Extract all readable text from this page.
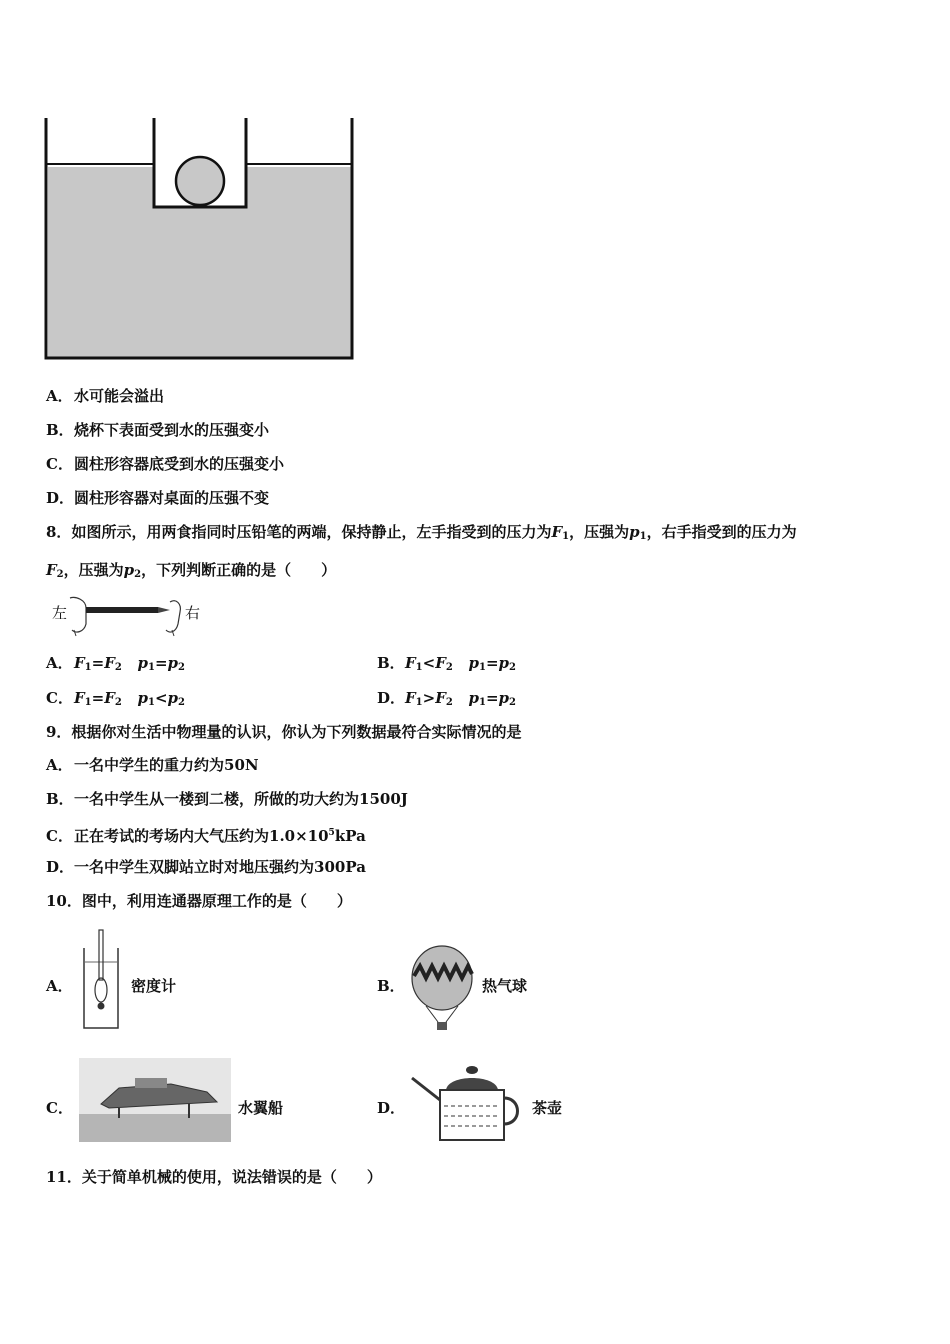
A．水可能会溢出
B．烧杯下表面受到水的压强变小
C．圆柱形容器底受到水的压强变小
D．圆柱形容器对桌面的压强不变
8．如图所示，用两食指同时压铅笔的两端，保持静止，左手指受到的压力为$F_1$，压强为$p_1$，右手指受到的压力为
$F_2$，压强为$p_2$，下列判断正确的是（　　）
左	右
A．$F_1=F_2$ $p_1=p_2$	B．$F_1<F_2$ $p_1=p_2$
C．$F_1=F_2$ $p_1<p_2$	D．$F_1>F_2$ $p_1=p_2$
9．根据你对生活中物理量的认识，你认为下列数据最符合实际情况的是
A．一名中学生的重力约为50N
B．一名中学生从一楼到二楼，所做的功大约为1500J
C．正在考试的考场内大气压约为$1.0\times 10^5kPa$
D．一名中学生双脚站立时对地压强约为300Pa
10．图中，利用连通器原理工作的是（　　）
A．	密度计	B．	热气球
C．	水翼船	D．	茶壶
11．关于简单机械的使用，说法错误的是（　　）
